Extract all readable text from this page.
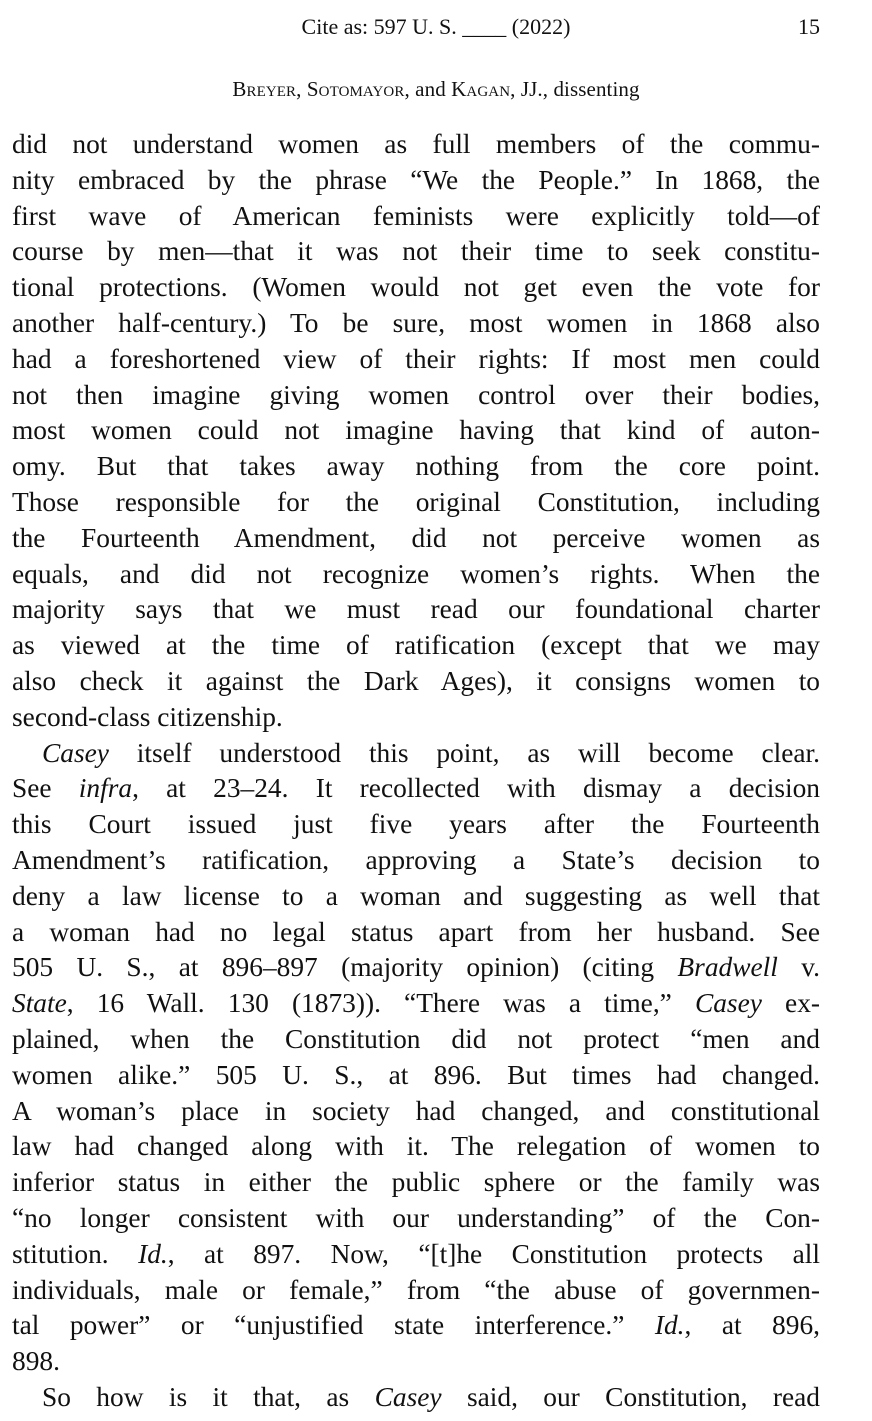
Cite as: 597 U. S. ____ (2022)	15
Breyer, Sotomayor, and Kagan, JJ., dissenting

did not understand women as full members of the commu-
nity embraced by the phrase “We the People.” In 1868, the
first wave of American feminists were explicitly told—of
course by men—that it was not their time to seek constitu-
tional protections. (Women would not get even the vote for
another half-century.) To be sure, most women in 1868 also
had a foreshortened view of their rights: If most men could
not then imagine giving women control over their bodies,
most women could not imagine having that kind of auton-
omy. But that takes away nothing from the core point.
Those responsible for the original Constitution, including
the Fourteenth Amendment, did not perceive women as
equals, and did not recognize women’s rights. When the
majority says that we must read our foundational charter
as viewed at the time of ratification (except that we may
also check it against the Dark Ages), it consigns women to
second-class citizenship.

Casey itself understood this point, as will become clear.
See infra, at 23–24. It recollected with dismay a decision
this Court issued just five years after the Fourteenth
Amendment’s ratification, approving a State’s decision to
deny a law license to a woman and suggesting as well that
a woman had no legal status apart from her husband. See
505 U. S., at 896–897 (majority opinion) (citing Bradwell v.
State, 16 Wall. 130 (1873)). “There was a time,” Casey ex-
plained, when the Constitution did not protect “men and
women alike.” 505 U. S., at 896. But times had changed.
A woman’s place in society had changed, and constitutional
law had changed along with it. The relegation of women to
inferior status in either the public sphere or the family was
“no longer consistent with our understanding” of the Con-
stitution. Id., at 897. Now, “[t]he Constitution protects all
individuals, male or female,” from “the abuse of governmen-
tal power” or “unjustified state interference.” Id., at 896,
898.

So how is it that, as Casey said, our Constitution, read
